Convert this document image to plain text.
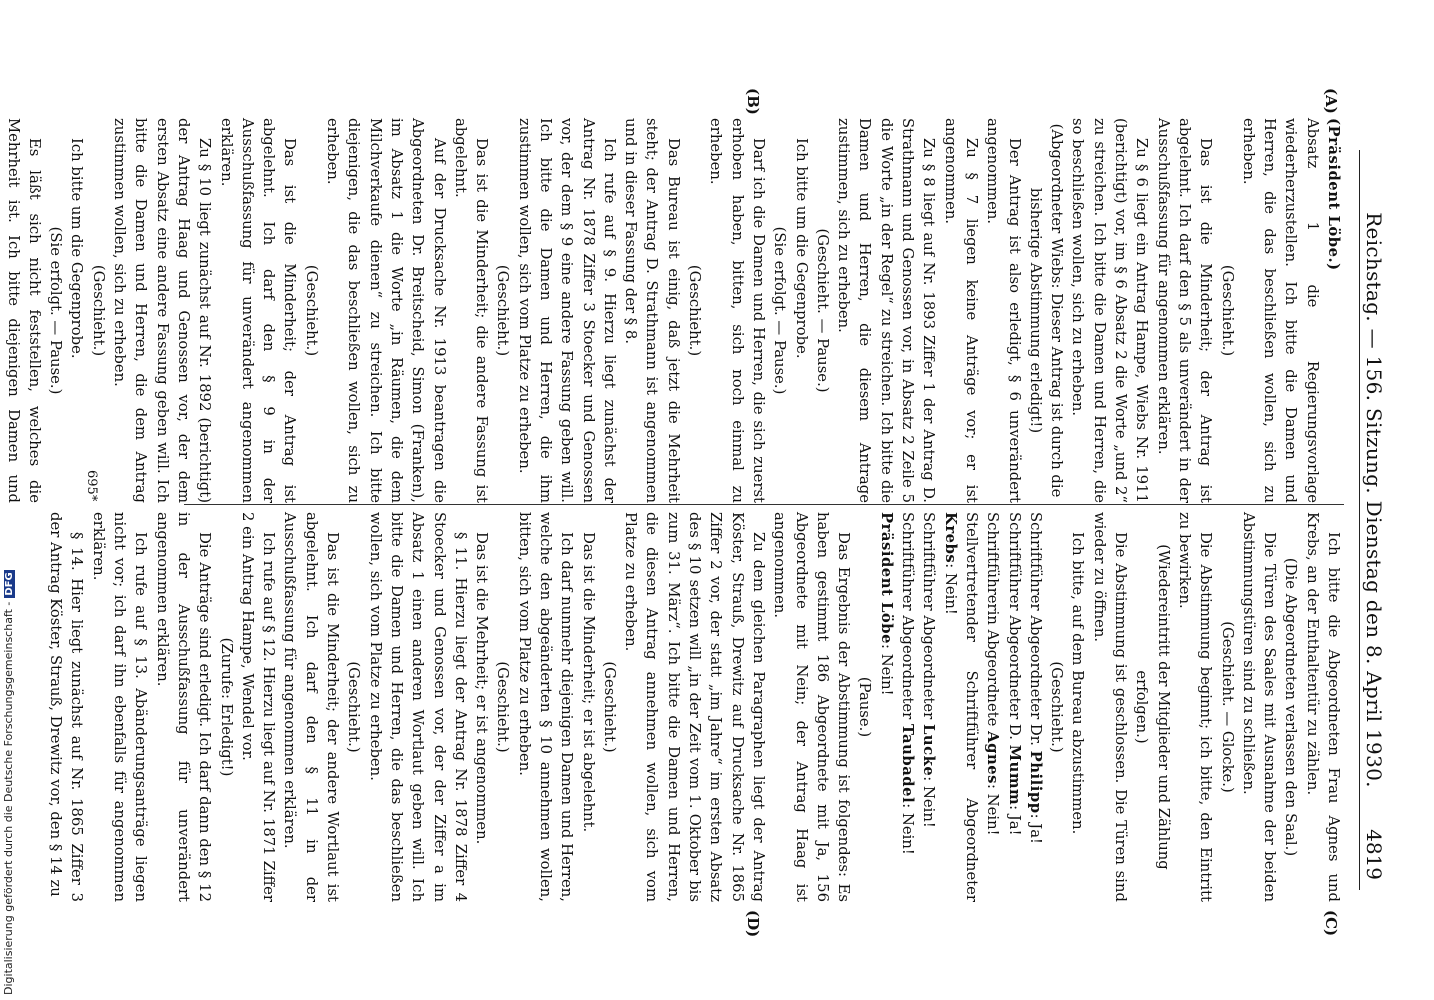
Reichstag. — 156. Sitzung. Dienstag den 8. April 1930.
4819
(A)
(B)
(C)
(D)

(Präsident Löbe.)

Absatz 1 die Regierungsvorlage wiederherzustellen. Ich bitte die Damen und Herren, die das beschließen wollen, sich zu erheben.

(Geschieht.)

Das ist die Minderheit; der Antrag ist abgelehnt. Ich darf den § 5 als unverändert in der Ausschußfassung für angenommen erklären.

Zu § 6 liegt ein Antrag Hampe, Wiebs Nr. 1911 (berichtigt) vor, im § 6 Absatz 2 die Worte „und 2“ zu streichen. Ich bitte die Damen und Herren, die so beschließen wollen, sich zu erheben.

(Abgeordneter Wiebs: Dieser Antrag ist durch die bisherige Abstimmung erledigt!)

Der Antrag ist also erledigt, § 6 unverändert angenommen.

Zu § 7 liegen keine Anträge vor; er ist angenommen.

Zu § 8 liegt auf Nr. 1893 Ziffer 1 der Antrag D. Strathmann und Genossen vor, in Absatz 2 Zeile 5 die Worte „in der Regel“ zu streichen. Ich bitte die Damen und Herren, die diesem Antrage zustimmen, sich zu erheben.

(Geschieht. — Pause.)

Ich bitte um die Gegenprobe.

(Sie erfolgt. — Pause.)

Darf ich die Damen und Herren, die sich zuerst erhoben haben, bitten, sich noch einmal zu erheben.

(Geschieht.)

Das Bureau ist einig, daß jetzt die Mehrheit steht; der Antrag D. Strathmann ist angenommen und in dieser Fassung der § 8.

Ich rufe auf § 9. Hierzu liegt zunächst der Antrag Nr. 1878 Ziffer 3 Stoecker und Genossen vor, der dem § 9 eine andere Fassung geben will. Ich bitte die Damen und Herren, die ihm zustimmen wollen, sich vom Platze zu erheben.

(Geschieht.)

Das ist die Minderheit; die andere Fassung ist abgelehnt.

Auf der Drucksache Nr. 1913 beantragen die Abgeordneten Dr. Breitscheid, Simon (Franken), im Absatz 1 die Worte „in Räumen, die dem Milchverkaufe dienen“ zu streichen. Ich bitte diejenigen, die das beschließen wollen, sich zu erheben.

(Geschieht.)

Das ist die Minderheit; der Antrag ist abgelehnt. Ich darf den § 9 in der Ausschußfassung für unverändert angenommen erklären.

Zu § 10 liegt zunächst auf Nr. 1892 (berichtigt) der Antrag Haag und Genossen vor, der dem ersten Absatz eine andere Fassung geben will. Ich bitte die Damen und Herren, die dem Antrag zustimmen wollen, sich zu erheben.

(Geschieht.)

Ich bitte um die Gegenprobe.

(Sie erfolgt. — Pause.)

Es läßt sich nicht feststellen, welches die Mehrheit ist. Ich bitte diejenigen Damen und

Ich bitte die Abgeordneten Frau Agnes und Krebs, an der Enthaltentür zu zählen.

(Die Abgeordneten verlassen den Saal.)

Die Türen des Saales mit Ausnahme der beiden Abstimmungstüren sind zu schließen.

(Geschieht. — Glocke.)

Die Abstimmung beginnt; ich bitte, den Eintritt zu bewirken.

(Wiedereintritt der Mitglieder und Zählung erfolgen.)

Die Abstimmung ist geschlossen. Die Türen sind wieder zu öffnen.

Ich bitte, auf dem Bureau abzustimmen.

(Geschieht.)

Schriftführer Abgeordneter Dr. Philipp: Ja!

Schriftführer Abgeordneter D. Mumm: Ja!

Schriftführerin Abgeordnete Agnes: Nein!

Stellvertretender Schriftführer Abgeordneter Krebs: Nein!

Schriftführer Abgeordneter Lucke: Nein!

Schriftführer Abgeordneter Taubadel: Nein!

Präsident Löbe: Nein!

(Pause.)

Das Ergebnis der Abstimmung ist folgendes: Es haben gestimmt 186 Abgeordnete mit Ja, 156 Abgeordnete mit Nein; der Antrag Haag ist angenommen.

Zu dem gleichen Paragraphen liegt der Antrag Köster, Strauß, Drewitz auf Drucksache Nr. 1865 Ziffer 2 vor, der statt „im Jahre“ im ersten Absatz des § 10 setzen will „in der Zeit vom 1. Oktober bis zum 31. März“. Ich bitte die Damen und Herren, die diesen Antrag annehmen wollen, sich vom Platze zu erheben.

(Geschieht.)

Das ist die Minderheit; er ist abgelehnt.

Ich darf nunmehr diejenigen Damen und Herren, welche den abgeänderten § 10 annehmen wollen, bitten, sich vom Platze zu erheben.

(Geschieht.)

Das ist die Mehrheit; er ist angenommen.

§ 11. Hierzu liegt der Antrag Nr. 1878 Ziffer 4 Stoecker und Genossen vor, der der Ziffer a im Absatz 1 einen anderen Wortlaut geben will. Ich bitte die Damen und Herren, die das beschließen wollen, sich vom Platze zu erheben.

(Geschieht.)

Das ist die Minderheit; der andere Wortlaut ist abgelehnt. Ich darf den § 11 in der Ausschußfassung für angenommen erklären.

Ich rufe auf § 12. Hierzu liegt auf Nr. 1871 Ziffer 2 ein Antrag Hampe, Wendel vor.

(Zurufe: Erledigt!)

Die Anträge sind erledigt. Ich darf dann den § 12 in der Ausschußfassung für unverändert angenommen erklären.

Ich rufe auf § 13. Abänderungsanträge liegen nicht vor; ich darf ihn ebenfalls für angenommen erklären.

§ 14. Hier liegt zunächst auf Nr. 1865 Ziffer 3 der Antrag Köster, Strauß, Drewitz vor, den § 14 zu

695*
Digitalisierung gefördert durch die Deutsche Forschungsgemeinschaft -DFG
